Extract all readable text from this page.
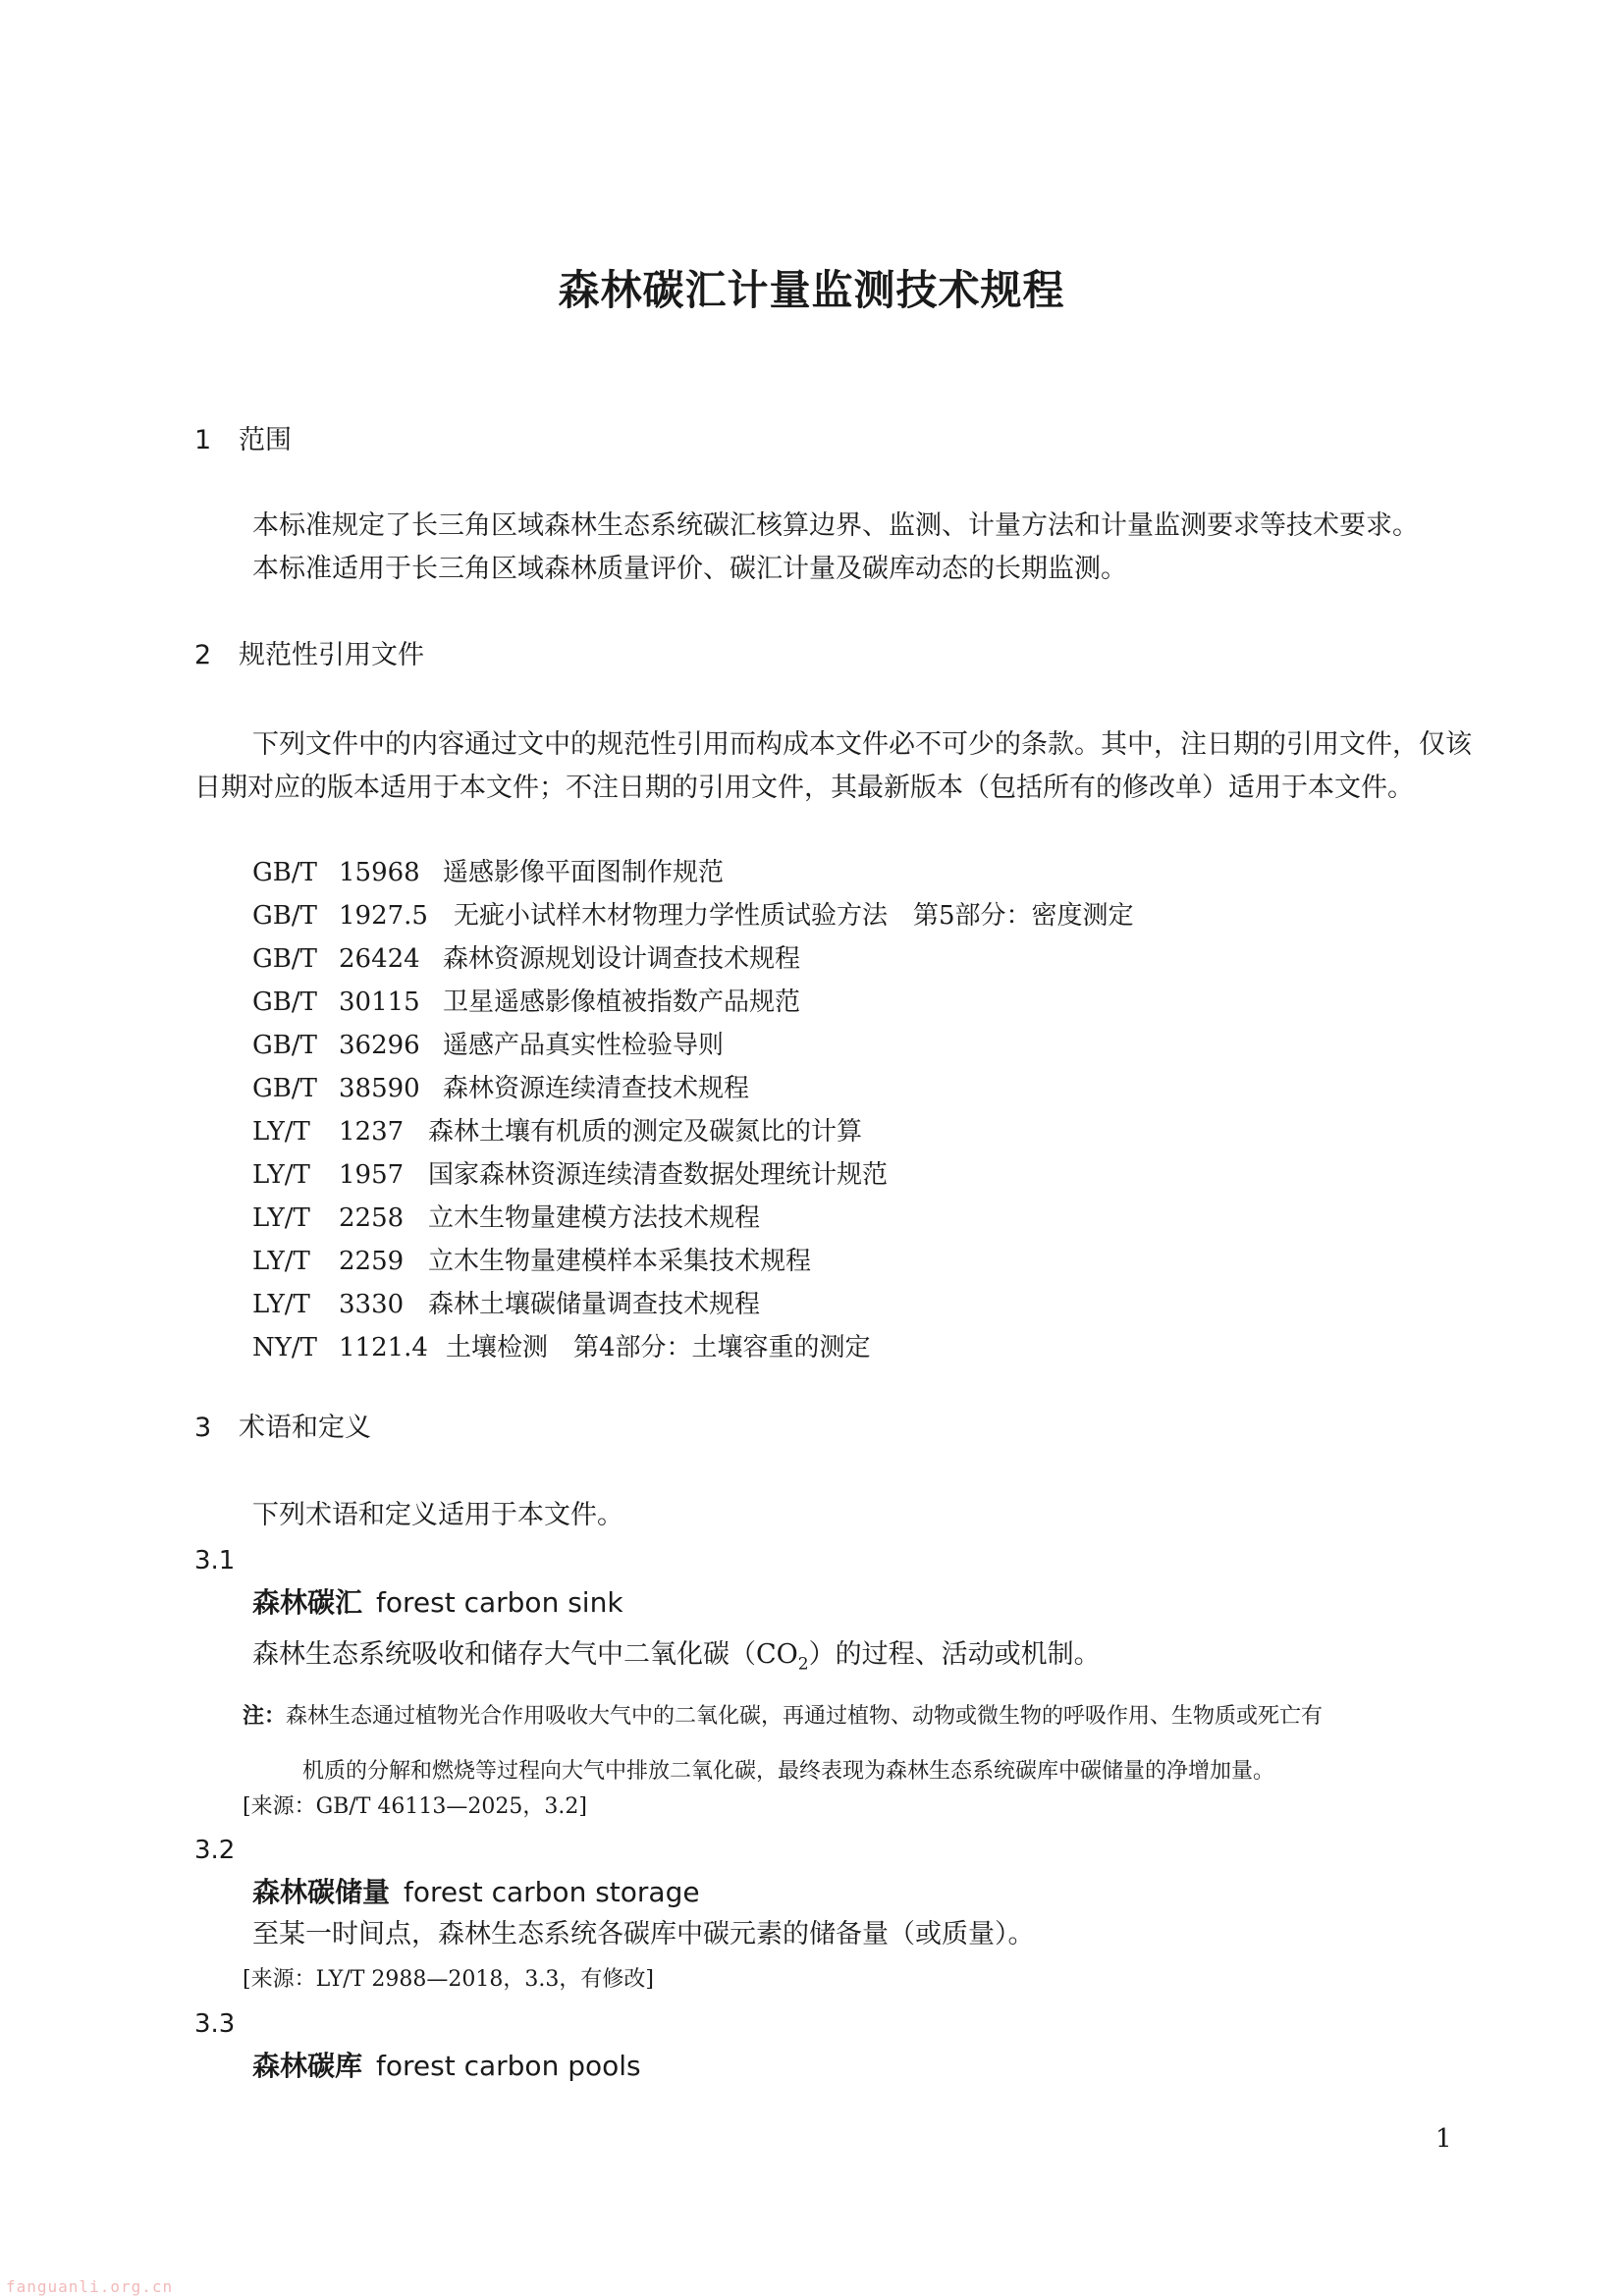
森林碳汇计量监测技术规程
1 范围
本标准规定了长三角区域森林生态系统碳汇核算边界、监测、计量方法和计量监测要求等技术要求。
本标准适用于长三角区域森林质量评价、碳汇计量及碳库动态的长期监测。
2 规范性引用文件
下列文件中的内容通过文中的规范性引用而构成本文件必不可少的条款。其中，注日期的引用文件，仅该日期对应的版本适用于本文件；不注日期的引用文件，其最新版本（包括所有的修改单）适用于本文件。
GB/T 15968 遥感影像平面图制作规范
GB/T 1927.5 无疵小试样木材物理力学性质试验方法　第5部分：密度测定
GB/T 26424 森林资源规划设计调查技术规程
GB/T 30115 卫星遥感影像植被指数产品规范
GB/T 36296 遥感产品真实性检验导则
GB/T 38590 森林资源连续清查技术规程
LY/T 1237 森林土壤有机质的测定及碳氮比的计算
LY/T 1957 国家森林资源连续清查数据处理统计规范
LY/T 2258 立木生物量建模方法技术规程
LY/T 2259 立木生物量建模样本采集技术规程
LY/T 3330 森林土壤碳储量调查技术规程
NY/T 1121.4 土壤检测　第4部分：土壤容重的测定
3 术语和定义
下列术语和定义适用于本文件。
3.1
森林碳汇 forest carbon sink
森林生态系统吸收和储存大气中二氧化碳$(CO_2)$的过程、活动或机制。
注：森林生态通过植物光合作用吸收大气中的二氧化碳，再通过植物、动物或微生物的呼吸作用、生物质或死亡有
机质的分解和燃烧等过程向大气中排放二氧化碳，最终表现为森林生态系统碳库中碳储量的净增加量。
[来源：GB/T 46113—2025，3.2]
3.2
森林碳储量 forest carbon storage
至某一时间点，森林生态系统各碳库中碳元素的储备量（或质量）。
[来源：LY/T 2988—2018，3.3，有修改]
3.3
森林碳库 forest carbon pools
1
fanguanli.org.cn
